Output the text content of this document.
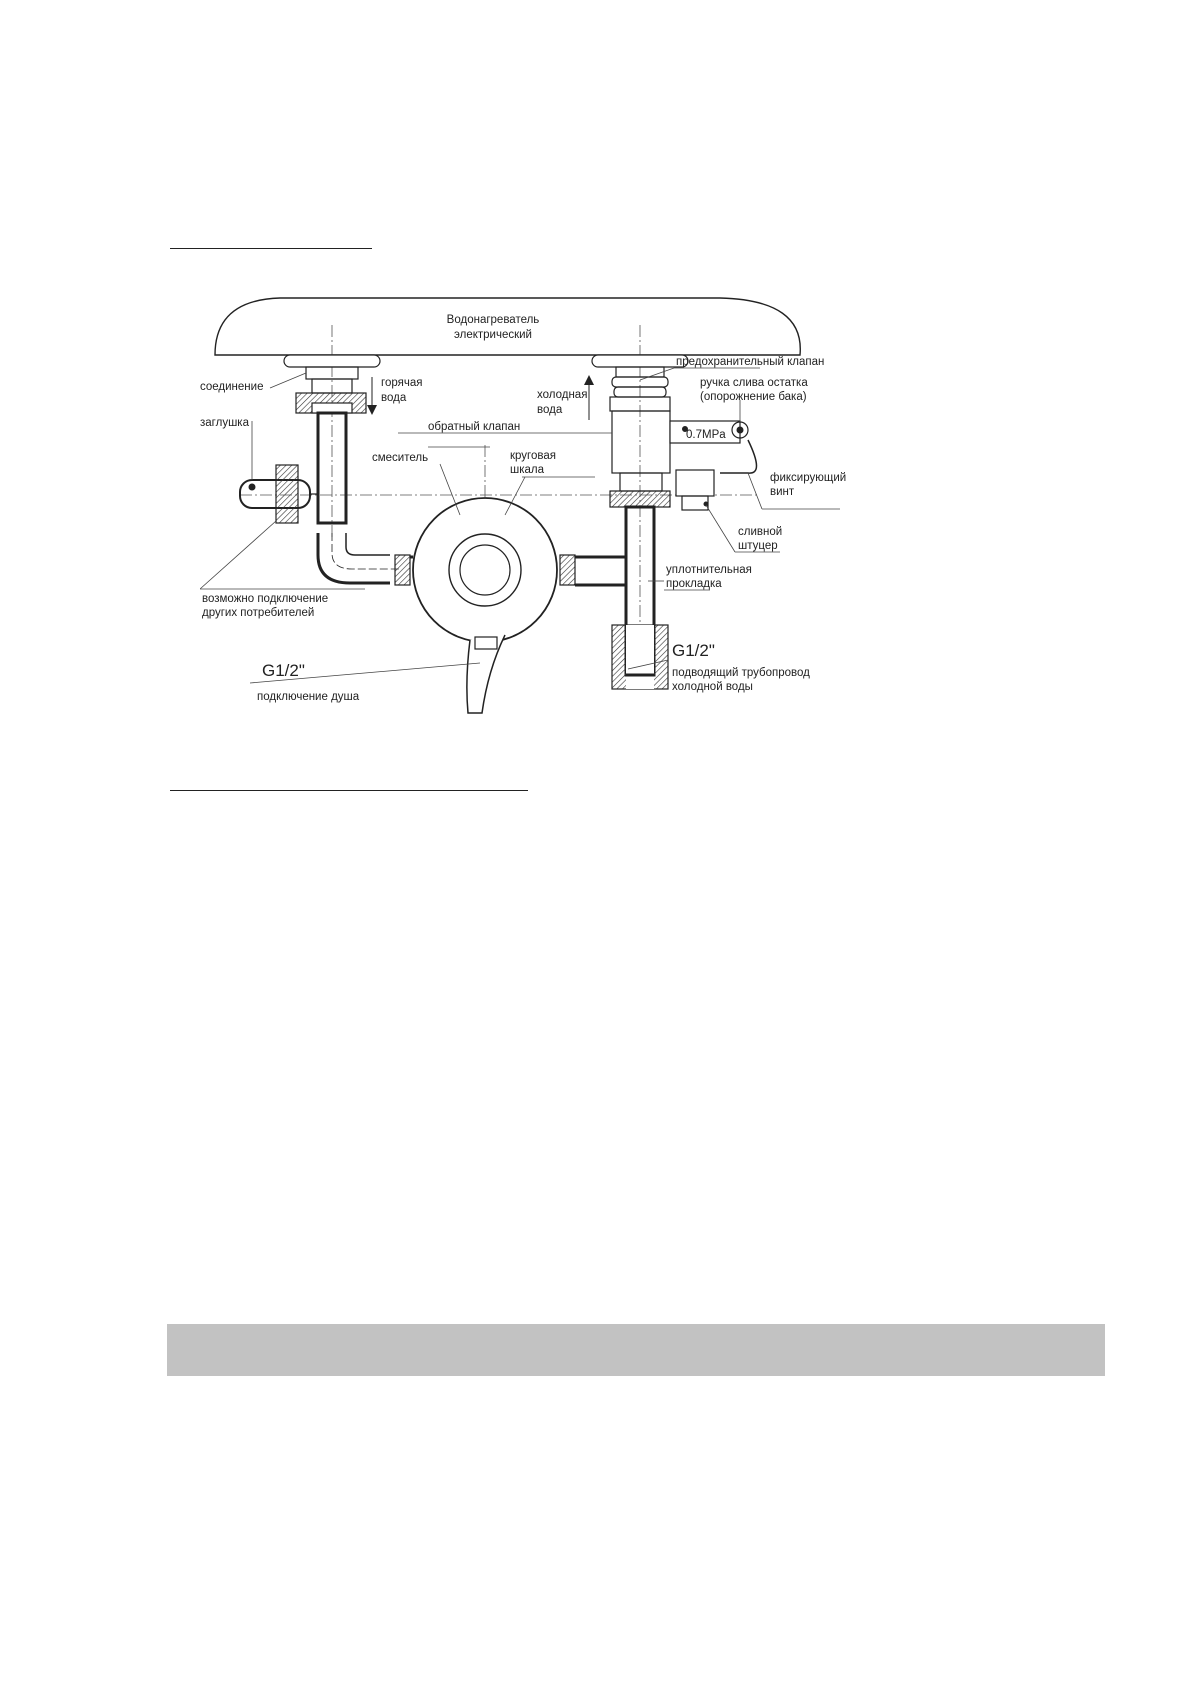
Водонагреватель
электрический
соединение	горячая
вода	холодная
вода
предохранительный клапан
ручка слива остатка
(опорожнение бака)
обратный клапан
0.7MPa
заглушка
смеситель	круговая
шкала
фиксирующий
винт
сливной
штуцер
уплотнительная
прокладка
возможно подключение
других потребителей
G1/2"
подключение душа
G1/2"
подводящий трубопровод
холодной воды
